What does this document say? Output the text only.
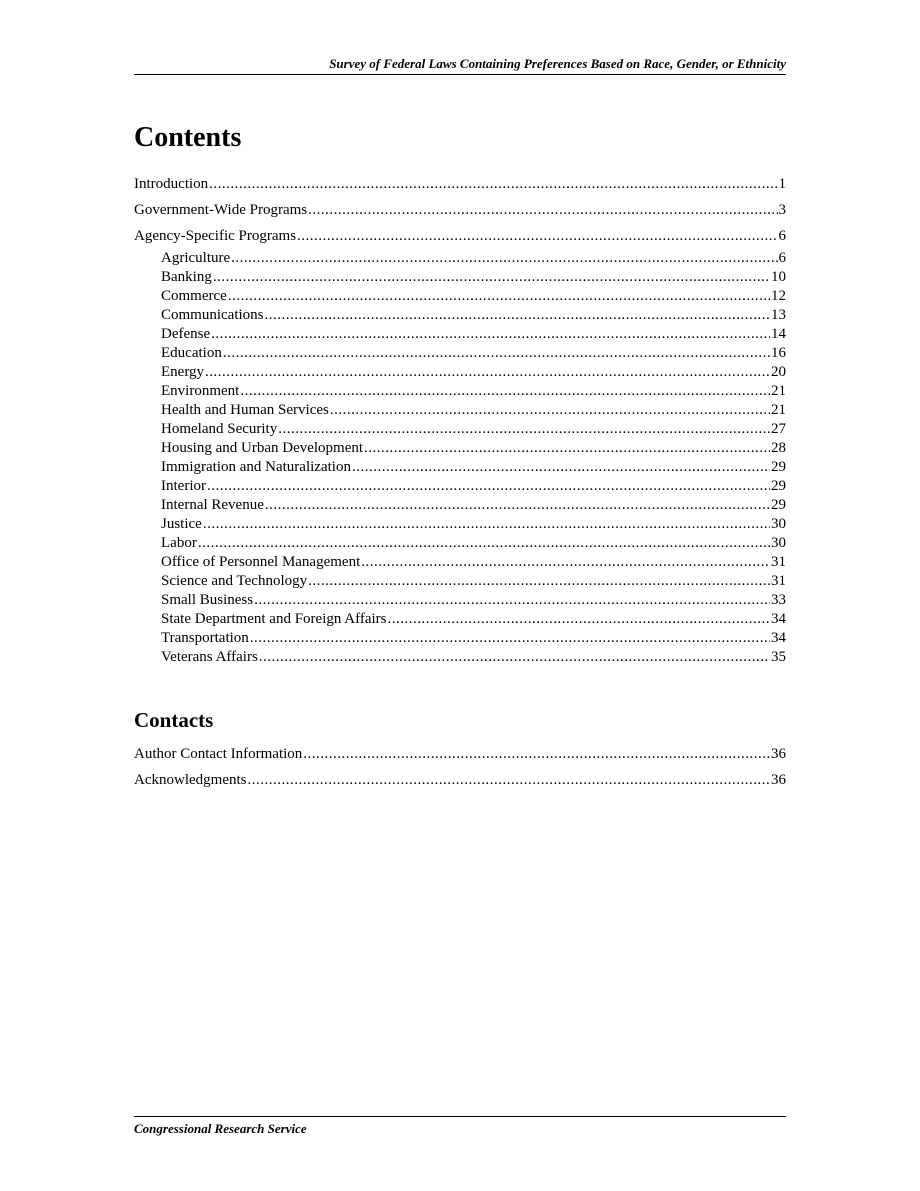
Survey of Federal Laws Containing Preferences Based on Race, Gender, or Ethnicity
Contents
Introduction .....	1
Government-Wide Programs .....	3
Agency-Specific Programs .....	6
Agriculture .....	6
Banking .....	10
Commerce .....	12
Communications .....	13
Defense .....	14
Education .....	16
Energy .....	20
Environment .....	21
Health and Human Services .....	21
Homeland Security .....	27
Housing and Urban Development .....	28
Immigration and Naturalization .....	29
Interior .....	29
Internal Revenue .....	29
Justice .....	30
Labor .....	30
Office of Personnel Management .....	31
Science and Technology .....	31
Small Business .....	33
State Department and Foreign Affairs .....	34
Transportation .....	34
Veterans Affairs .....	35
Contacts
Author Contact Information .....	36
Acknowledgments .....	36
Congressional Research Service
